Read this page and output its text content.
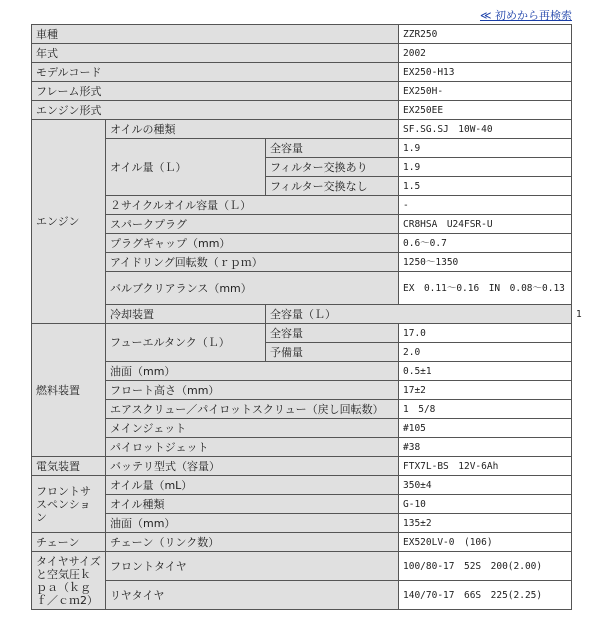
≪ 初めから再検索
車種			ZZR250	
年式			2002	
モデルコード			EX250-H13	
フレーム形式			EX250H-	
エンジン形式			EX250EE	
エンジン	オイルの種類		SF.SG.SJ　10W-40	
	オイル量（Ｌ）	全容量	1.9	
		フィルター交換あり	1.9	
		フィルター交換なし	1.5	
	２サイクルオイル容量（Ｌ）		-	
	スパークプラグ		CR8HSA　U24FSR-U	
	プラグギャップ（mm）		0.6～0.7	
	アイドリング回転数（ｒｐｍ）		1250～1350	
	バルブクリアランス（mm）		EX　0.11～0.16　IN　0.08～0.13	
	冷却装置	全容量（Ｌ）		1
燃料装置	フューエルタンク（Ｌ）	全容量	17.0	
		予備量	2.0	
	油面（mm）		0.5±1	
	フロート高さ（mm）		17±2	
	エアスクリュー／パイロットスクリュー（戻し回転数）		1　5/8	
	メインジェット		#105	
	パイロットジェット		#38	
電気装置	バッテリ型式（容量）		FTX7L-BS　12V-6Ah	
フロントサスペンション	オイル量（mL）		350±4	
	オイル種類		G-10	
	油面（mm）		135±2	
チェーン	チェーン（リンク数）		EX520LV-0　(106)	
タイヤサイズと空気圧ｋｐａ（ｋｇｆ／ｃｍ2）	フロントタイヤ		100/80-17　52S　200(2.00)	
	リヤタイヤ		140/70-17　66S　225(2.25)	
